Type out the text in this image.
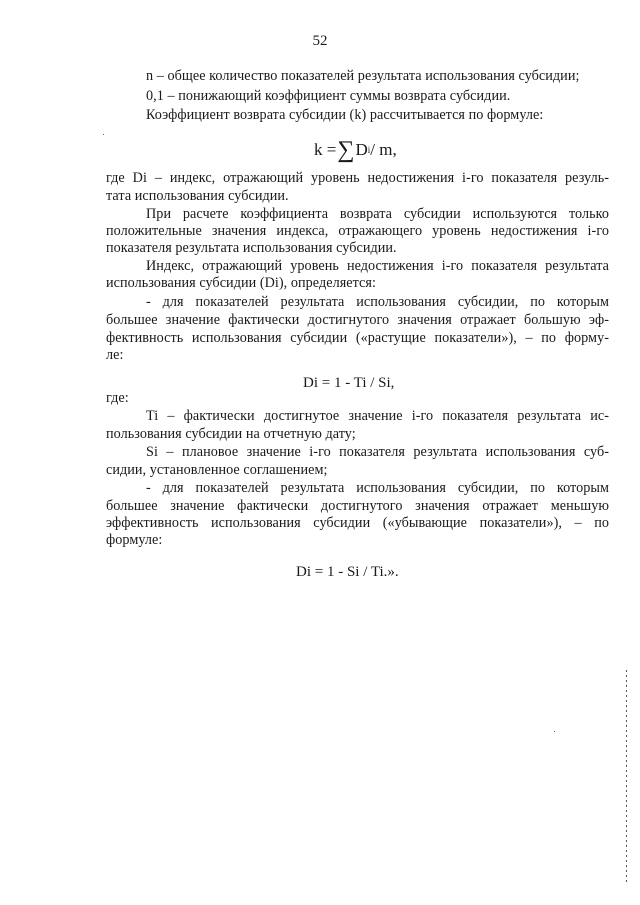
52
n – общее количество показателей результата использования субсидии;
0,1 – понижающий коэффициент суммы возврата субсидии.
Коэффициент возврата субсидии (k) рассчитывается по формуле:
k = ∑ D i / m,
где Di – индекс, отражающий уровень недостижения i-го показателя резуль-
тата использования субсидии.
При расчете коэффициента возврата субсидии используются только
положительные значения индекса, отражающего уровень недостижения i-го
показателя результата использования субсидии.
Индекс, отражающий уровень недостижения i-го показателя результата
использования субсидии (Di), определяется:
- для показателей результата использования субсидии, по которым
большее значение фактически достигнутого значения отражает большую эф-
фективность использования субсидии («растущие показатели»), – по форму-
ле:
Di = 1 - Ti / Si,
где:
Ti – фактически достигнутое значение i-го показателя результата ис-
пользования субсидии на отчетную дату;
Si – плановое значение i-го показателя результата использования суб-
сидии, установленное соглашением;
- для показателей результата использования субсидии, по которым
большее значение фактически достигнутого значения отражает меньшую
эффективность использования субсидии («убывающие показатели»), – по
формуле:
Di = 1 - Si / Ti.».
